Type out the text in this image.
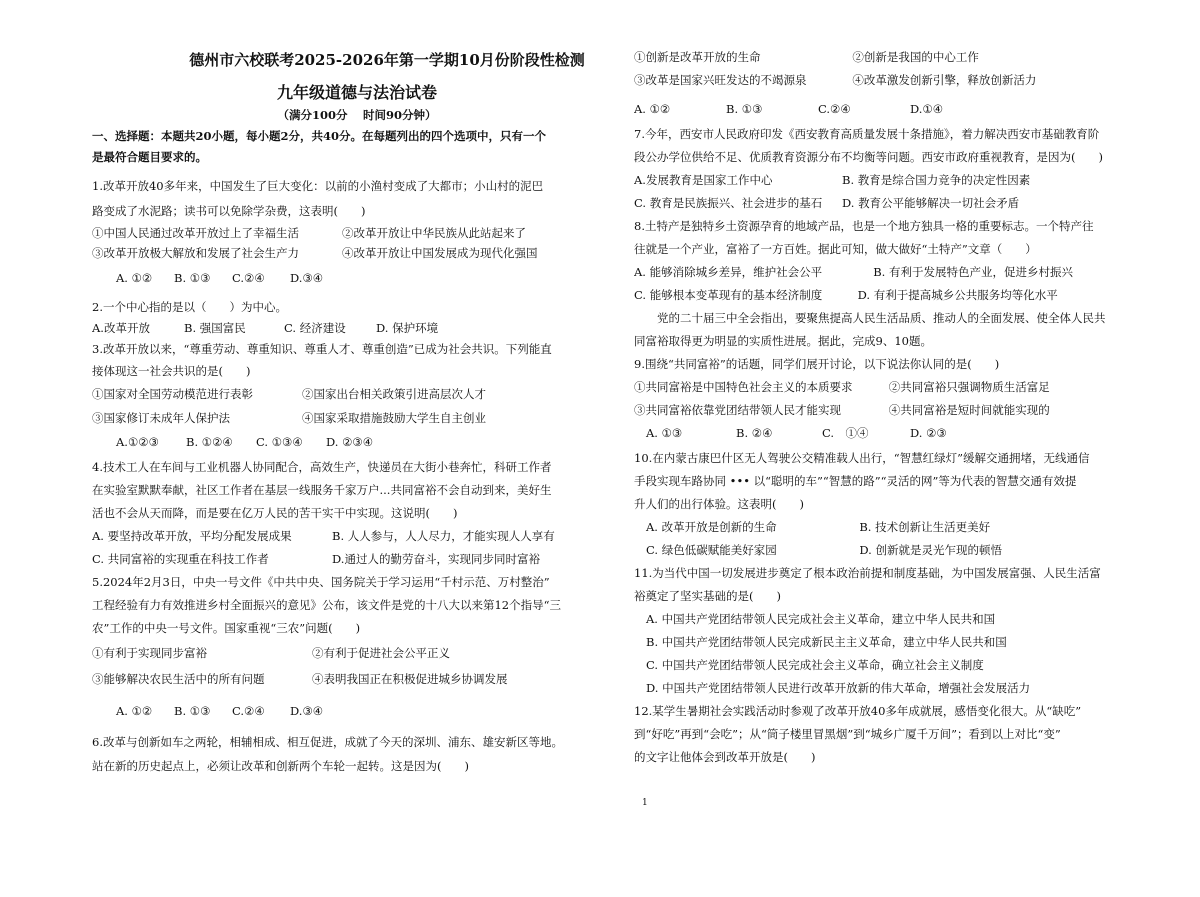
德州市六校联考2025-2026年第一学期10月份阶段性检测
九年级道德与法治试卷
（满分100分　 时间90分钟）
一、选择题：本题共20小题，每小题2分，共40分。在每题列出的四个选项中，只有一个
是最符合题目要求的。
1.改革开放40多年来，中国发生了巨大变化：以前的小渔村变成了大都市；小山村的泥巴
路变成了水泥路；读书可以免除学杂费，这表明(　　)
①中国人民通过改革开放过上了幸福生活	②改革开放让中华民族从此站起来了
③改革开放极大解放和发展了社会生产力	④改革开放让中国发展成为现代化强国
A. ①②	B. ①③	C.②④	D.③④
2.一个中心指的是以（　　）为中心。
A.改革开放	B. 强国富民	C. 经济建设	D. 保护环境
3.改革开放以来，“尊重劳动、尊重知识、尊重人才、尊重创造”已成为社会共识。下列能直
接体现这一社会共识的是(　　)
①国家对全国劳动模范进行表彰	②国家出台相关政策引进高层次人才
③国家修订未成年人保护法	④国家采取措施鼓励大学生自主创业
A.①②③	B. ①②④	C. ①③④	D. ②③④
4.技术工人在车间与工业机器人协同配合，高效生产，快递员在大街小巷奔忙，科研工作者
在实验室默默奉献，社区工作者在基层一线服务千家万户...共同富裕不会自动到来，美好生
活也不会从天而降，而是要在亿万人民的苦干实干中实现。这说明(　　)
A. 要坚持改革开放，平均分配发展成果	B. 人人参与，人人尽力，才能实现人人享有
C. 共同富裕的实现重在科技工作者	D.通过人的勤劳奋斗，实现同步同时富裕
5.2024年2月3日，中央一号文件《中共中央、国务院关于学习运用“千村示范、万村整治”
工程经验有力有效推进乡村全面振兴的意见》公布，该文件是党的十八大以来第12个指导“三
农”工作的中央一号文件。国家重视“三农”问题(　　)
①有利于实现同步富裕	②有利于促进社会公平正义
③能够解决农民生活中的所有问题	④表明我国正在积极促进城乡协调发展
A. ①②	B. ①③	C.②④	D.③④
6.改革与创新如车之两轮，相辅相成、相互促进，成就了今天的深圳、浦东、雄安新区等地。
站在新的历史起点上，必须让改革和创新两个车轮一起转。这是因为(　　)
①创新是改革开放的生命	②创新是我国的中心工作
③改革是国家兴旺发达的不竭源泉	④改革激发创新引擎，释放创新活力
A. ①②	B. ①③	C.②④	D.①④
7.今年，西安市人民政府印发《西安教育高质量发展十条措施》，着力解决西安市基础教育阶
段公办学位供给不足、优质教育资源分布不均衡等问题。西安市政府重视教育，是因为(　　)
A.发展教育是国家工作中心	B. 教育是综合国力竞争的决定性因素
C. 教育是民族振兴、社会进步的基石	D. 教育公平能够解决一切社会矛盾
8.土特产是独特乡土资源孕育的地域产品，也是一个地方独具一格的重要标志。一个特产往
往就是一个产业，富裕了一方百姓。据此可知，做大做好“土特产”文章（　　）
A. 能够消除城乡差异，维护社会公平	B. 有利于发展特色产业，促进乡村振兴
C. 能够根本变革现有的基本经济制度	D. 有利于提高城乡公共服务均等化水平
党的二十届三中全会指出，要聚焦提高人民生活品质、推动人的全面发展、使全体人民共
同富裕取得更为明显的实质性进展。据此，完成9、10题。
9.围绕“共同富裕”的话题，同学们展开讨论，以下说法你认同的是(　　)
①共同富裕是中国特色社会主义的本质要求	②共同富裕只强调物质生活富足
③共同富裕依靠党团结带领人民才能实现	④共同富裕是短时间就能实现的
A. ①③	B. ②④	C.　①④	D. ②③
10.在内蒙古康巴什区无人驾驶公交精准载人出行，“智慧红绿灯”缓解交通拥堵，无线通信
手段实现车路协同 ••• 以“聪明的车”“智慧的路”“灵活的网”等为代表的智慧交通有效提
升人们的出行体验。这表明(　　)
A. 改革开放是创新的生命	B. 技术创新让生活更美好
C. 绿色低碳赋能美好家园	D. 创新就是灵光乍现的顿悟
11.为当代中国一切发展进步奠定了根本政治前提和制度基础，为中国发展富强、人民生活富
裕奠定了坚实基础的是(　　)
A. 中国共产党团结带领人民完成社会主义革命，建立中华人民共和国
B. 中国共产党团结带领人民完成新民主主义革命，建立中华人民共和国
C. 中国共产党团结带领人民完成社会主义革命，确立社会主义制度
D. 中国共产党团结带领人民进行改革开放新的伟大革命，增强社会发展活力
12.某学生暑期社会实践活动时参观了改革开放40多年成就展，感悟变化很大。从“缺吃”
到“好吃”再到“会吃”；从“筒子楼里冒黑烟”到“城乡广厦千万间”；看到以上对比“变”
的文字让他体会到改革开放是(　　)
1
